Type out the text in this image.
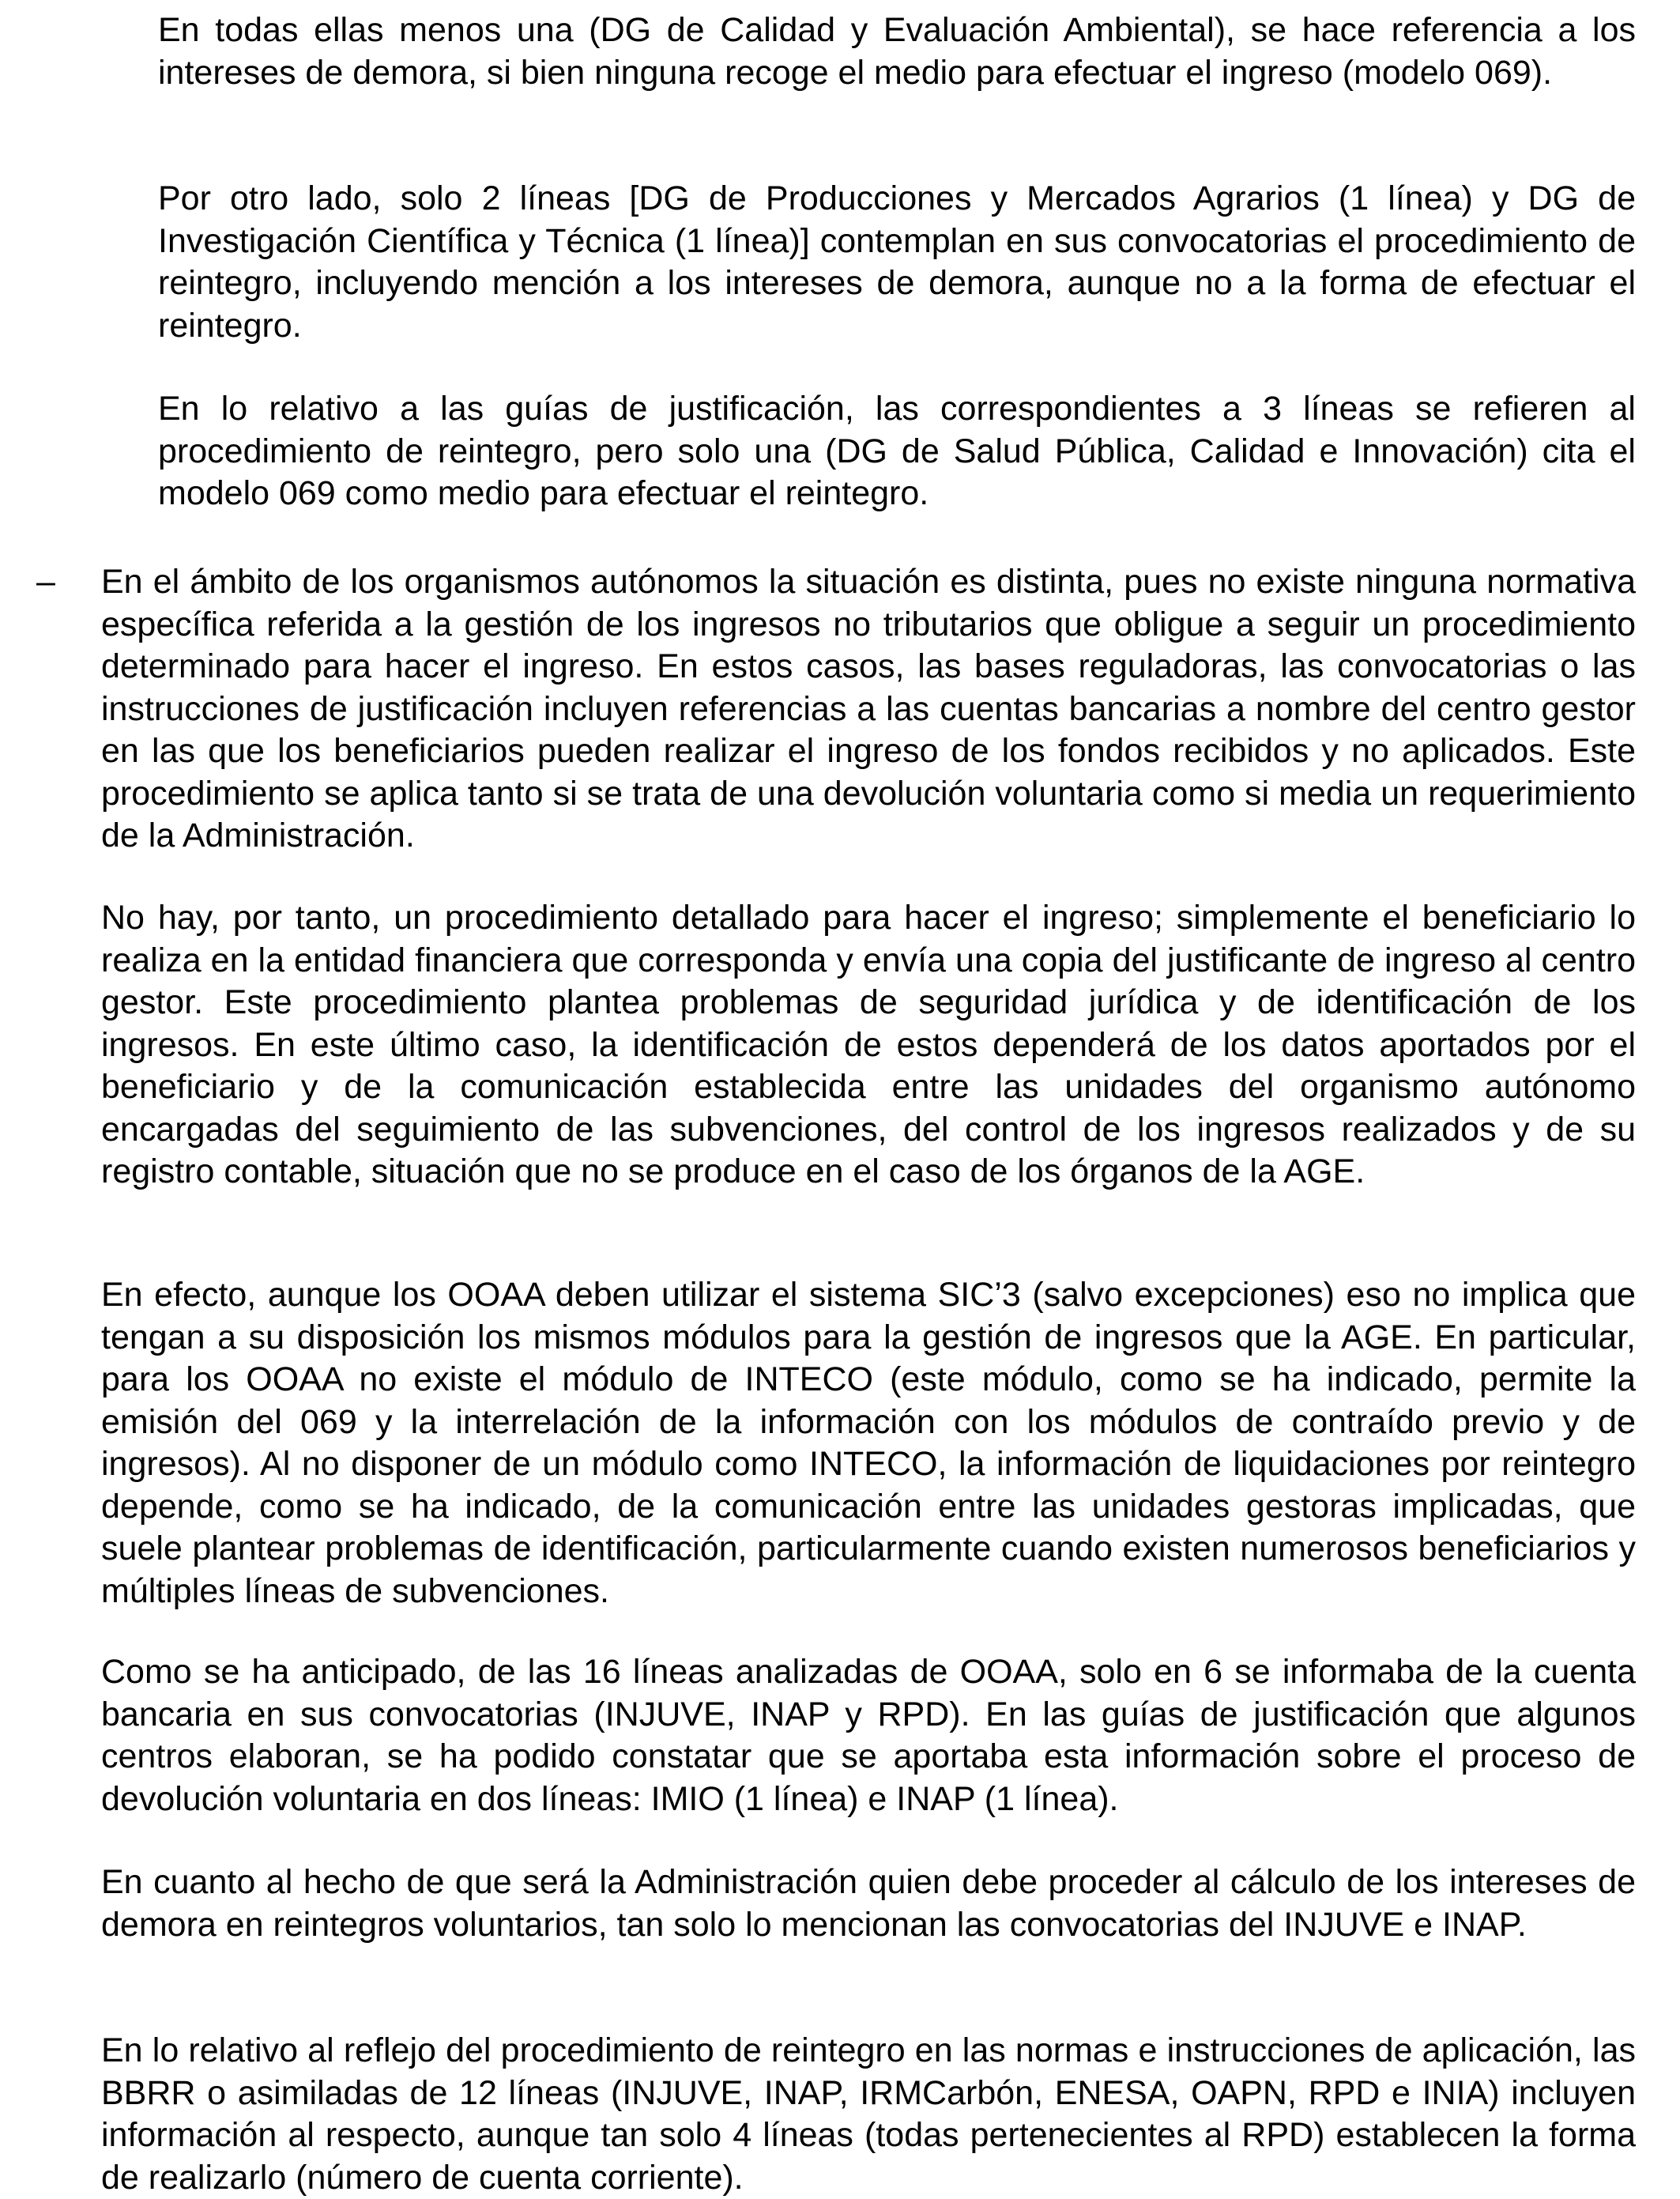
En todas ellas menos una (DG de Calidad y Evaluación Ambiental), se hace referencia a los intereses de demora, si bien ninguna recoge el medio para efectuar el ingreso (modelo 069).

Por otro lado, solo 2 líneas [DG de Producciones y Mercados Agrarios (1 línea) y DG de Investigación Científica y Técnica (1 línea)] contemplan en sus convocatorias el procedimiento de reintegro, incluyendo mención a los intereses de demora, aunque no a la forma de efectuar el reintegro.

En lo relativo a las guías de justificación, las correspondientes a 3 líneas se refieren al procedimiento de reintegro, pero solo una (DG de Salud Pública, Calidad e Innovación) cita el modelo 069 como medio para efectuar el reintegro.

– En el ámbito de los organismos autónomos la situación es distinta, pues no existe ninguna normativa específica referida a la gestión de los ingresos no tributarios que obligue a seguir un procedimiento determinado para hacer el ingreso. En estos casos, las bases reguladoras, las convocatorias o las instrucciones de justificación incluyen referencias a las cuentas bancarias a nombre del centro gestor en las que los beneficiarios pueden realizar el ingreso de los fondos recibidos y no aplicados. Este procedimiento se aplica tanto si se trata de una devolución voluntaria como si media un requerimiento de la Administración.

No hay, por tanto, un procedimiento detallado para hacer el ingreso; simplemente el beneficiario lo realiza en la entidad financiera que corresponda y envía una copia del justificante de ingreso al centro gestor. Este procedimiento plantea problemas de seguridad jurídica y de identificación de los ingresos. En este último caso, la identificación de estos dependerá de los datos aportados por el beneficiario y de la comunicación establecida entre las unidades del organismo autónomo encargadas del seguimiento de las subvenciones, del control de los ingresos realizados y de su registro contable, situación que no se produce en el caso de los órganos de la AGE.

En efecto, aunque los OOAA deben utilizar el sistema SIC’3 (salvo excepciones) eso no implica que tengan a su disposición los mismos módulos para la gestión de ingresos que la AGE. En particular, para los OOAA no existe el módulo de INTECO (este módulo, como se ha indicado, permite la emisión del 069 y la interrelación de la información con los módulos de contraído previo y de ingresos). Al no disponer de un módulo como INTECO, la información de liquidaciones por reintegro depende, como se ha indicado, de la comunicación entre las unidades gestoras implicadas, que suele plantear problemas de identificación, particularmente cuando existen numerosos beneficiarios y múltiples líneas de subvenciones.

Como se ha anticipado, de las 16 líneas analizadas de OOAA, solo en 6 se informaba de la cuenta bancaria en sus convocatorias (INJUVE, INAP y RPD). En las guías de justificación que algunos centros elaboran, se ha podido constatar que se aportaba esta información sobre el proceso de devolución voluntaria en dos líneas: IMIO (1 línea) e INAP (1 línea).

En cuanto al hecho de que será la Administración quien debe proceder al cálculo de los intereses de demora en reintegros voluntarios, tan solo lo mencionan las convocatorias del INJUVE e INAP.

En lo relativo al reflejo del procedimiento de reintegro en las normas e instrucciones de aplicación, las BBRR o asimiladas de 12 líneas (INJUVE, INAP, IRMCarbón, ENESA, OAPN, RPD e INIA) incluyen información al respecto, aunque tan solo 4 líneas (todas pertenecientes al RPD) establecen la forma de realizarlo (número de cuenta corriente).
